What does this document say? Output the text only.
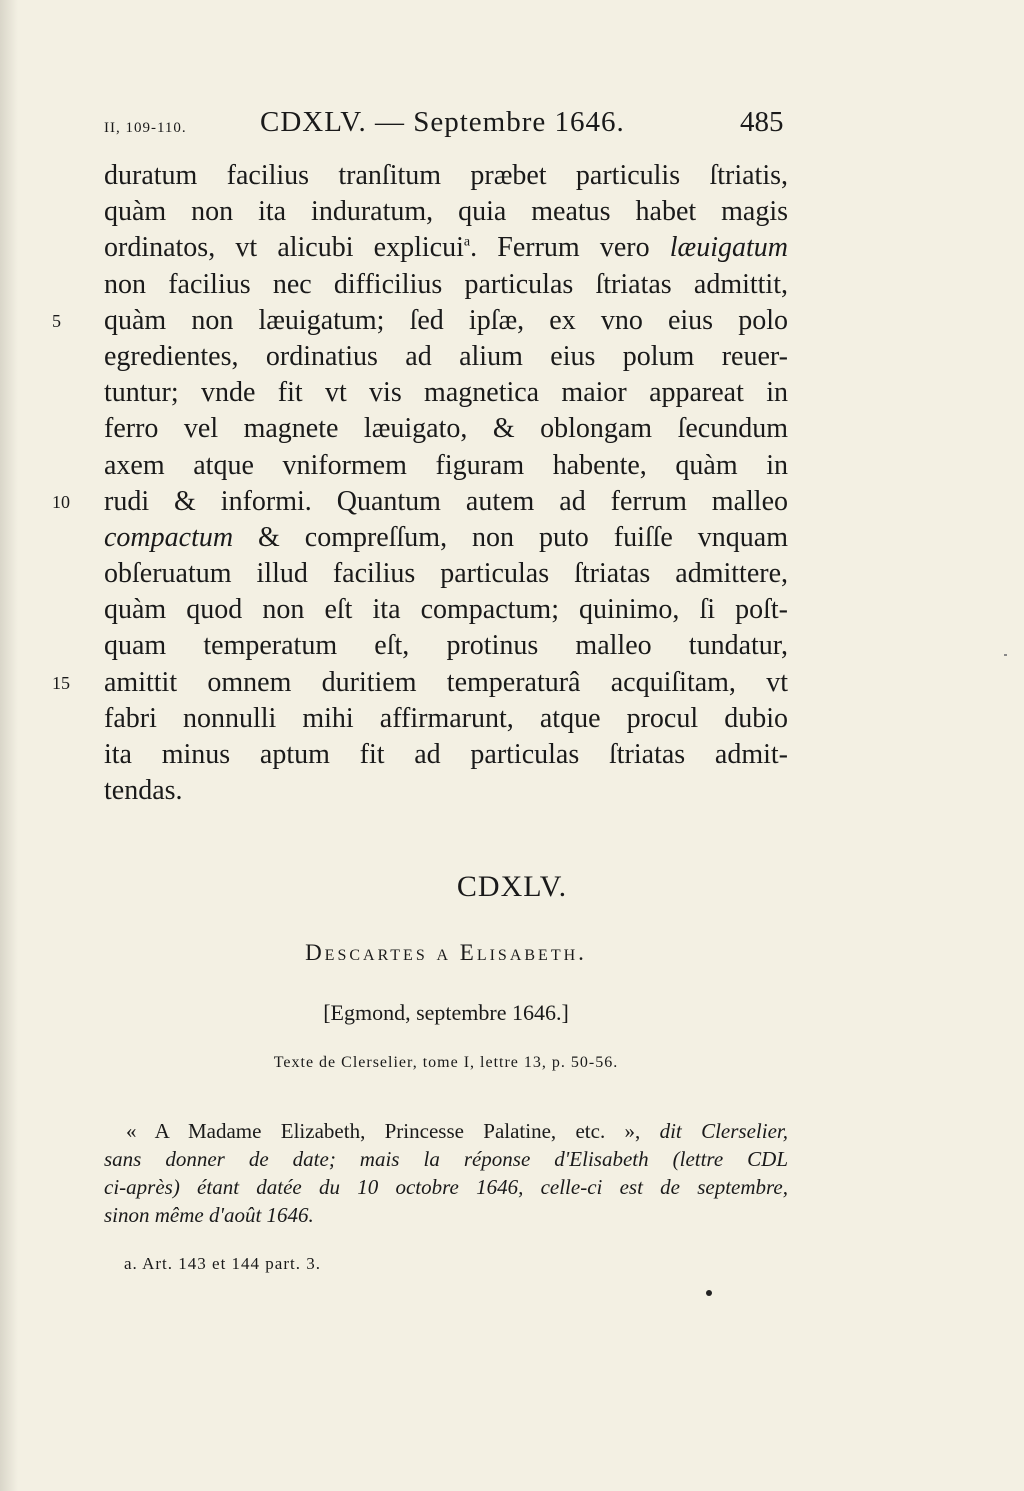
II, 109-110.	CDXLV. — Septembre 1646.	485
duratum facilius tranſitum præbet particulis ſtriatis,
quàm non ita induratum, quia meatus habet magis
ordinatos, vt alicubi explicui$^a$. Ferrum vero læuigatum
non facilius nec difficilius particulas ſtriatas admittit,
quàm non læuigatum; ſed ipſæ, ex vno eius polo
5
egredientes, ordinatius ad alium eius polum reuer-
tuntur; vnde fit vt vis magnetica maior appareat in
ferro vel magnete læuigato, & oblongam ſecundum
axem atque vniformem figuram habente, quàm in
rudi & informi. Quantum autem ad ferrum malleo
10
compactum & compreſſum, non puto fuiſſe vnquam
obſeruatum illud facilius particulas ſtriatas admittere,
quàm quod non eſt ita compactum; quinimo, ſi poſt-
quam temperatum eſt, protinus malleo tundatur,
amittit omnem duritiem temperaturâ acquiſitam, vt
15
fabri nonnulli mihi affirmarunt, atque procul dubio
ita minus aptum fit ad particulas ſtriatas admit-
tendas.
CDXLV.
Descartes a Elisabeth.
[Egmond, septembre 1646.]
Texte de Clerselier, tome I, lettre 13, p. 50-56.
« A Madame Elizabeth, Princesse Palatine, etc. », dit Clerselier,
sans donner de date; mais la réponse d'Elisabeth (lettre CDL
ci-après) étant datée du 10 octobre 1646, celle-ci est de septembre,
sinon même d'août 1646.
a. Art. 143 et 144 part. 3.
